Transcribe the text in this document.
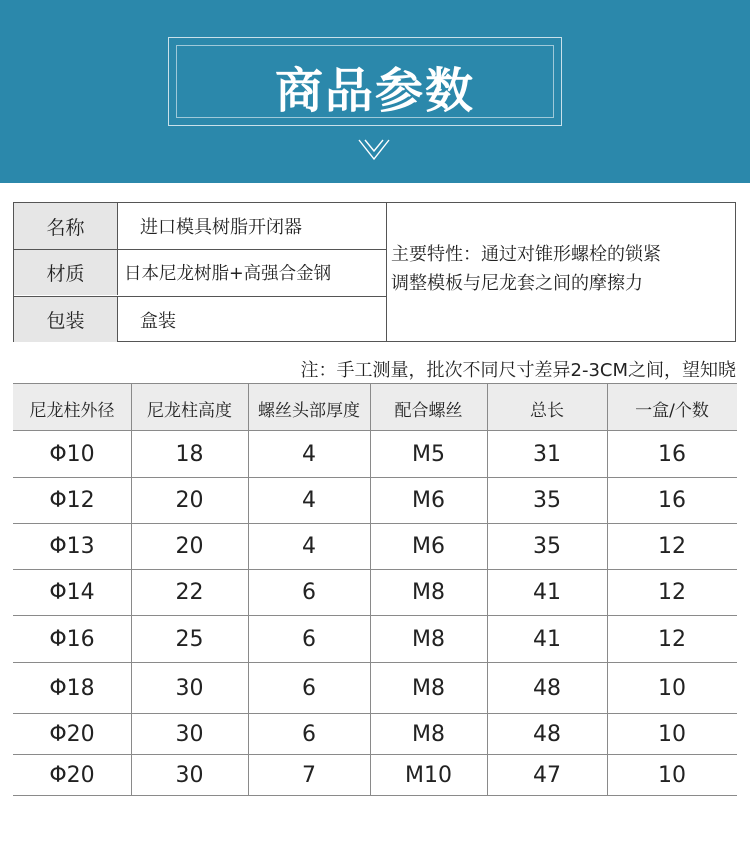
商品参数
名称	进口模具树脂开闭器
材质	日本尼龙树脂+高强合金钢
包装	盒装
主要特性：通过对锥形螺栓的锁紧
调整模板与尼龙套之间的摩擦力
注：手工测量，批次不同尺寸差异2-3CM之间，望知晓
尼龙柱外径	尼龙柱高度	螺丝头部厚度	配合螺丝	总长	一盒/个数
Φ10	18	4	M5	31	16
Φ12	20	4	M6	35	16
Φ13	20	4	M6	35	12
Φ14	22	6	M8	41	12
Φ16	25	6	M8	41	12
Φ18	30	6	M8	48	10
Φ20	30	6	M8	48	10
Φ20	30	7	M10	47	10
